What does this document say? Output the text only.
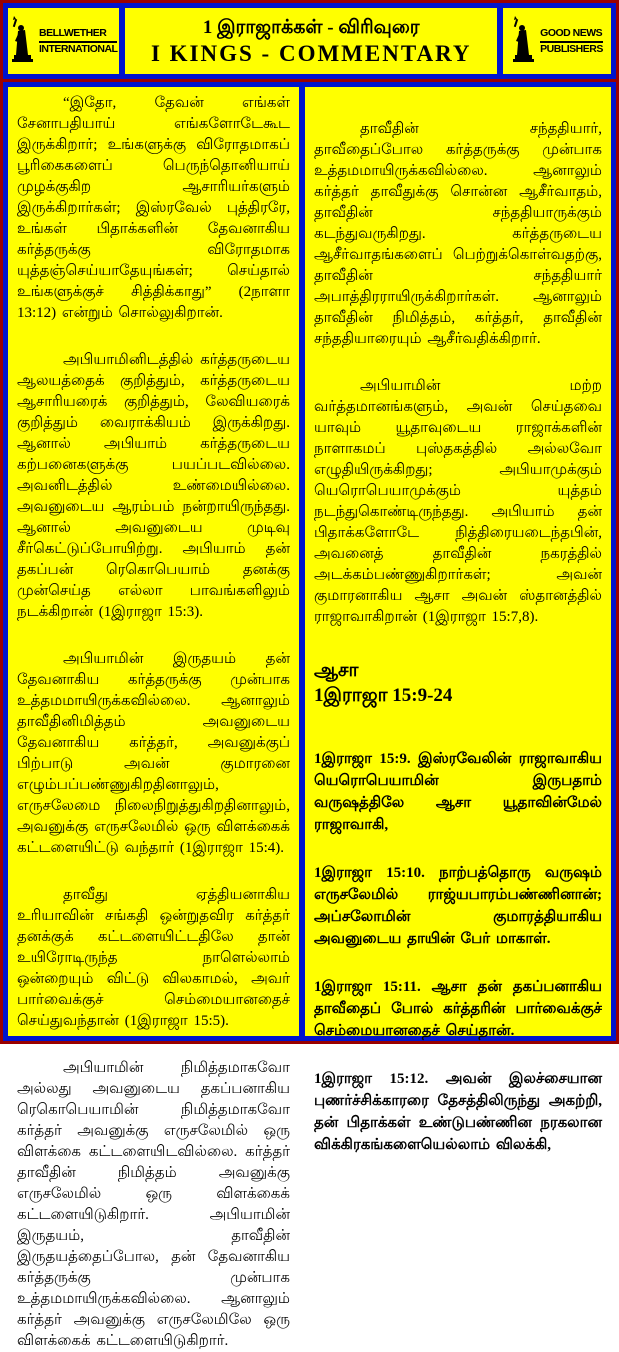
BELLWETHER
INTERNATIONAL
1 இராஜாக்கள் - விரிவுரை
I KINGS - COMMENTARY
GOOD NEWS
PUBLISHERS

“இதோ, தேவன் எங்கள் சேனாபதியாய் எங்களோடேகூட இருக்கிறார்; உங்களுக்கு விரோதமாகப் பூரிகைகளைப் பெருந்தொனியாய் முழக்குகிற ஆசாரியர்களும் இருக்கிறார்கள்; இஸ்ரவேல் புத்திரரே, உங்கள் பிதாக்களின் தேவனாகிய கர்த்தருக்கு விரோதமாக யுத்தஞ்செய்யாதேயுங்கள்; செய்தால் உங்களுக்குச் சித்திக்காது” (2நாளா 13:12) என்றும் சொல்லுகிறான்.

அபியாமினிடத்தில் கர்த்தருடைய ஆலயத்தைக் குறித்தும், கர்த்தருடைய ஆசாரியரைக் குறித்தும், லேவியரைக் குறித்தும் வைராக்கியம் இருக்கிறது. ஆனால் அபியாம் கர்த்தருடைய கற்பனைகளுக்கு பயப்படவில்லை. அவனிடத்தில் உண்மையில்லை. அவனுடைய ஆரம்பம் நன்றாயிருந்தது. ஆனால் அவனுடைய முடிவு சீர்கெட்டுப்போயிற்று. அபியாம் தன் தகப்பன் ரெகொபெயாம் தனக்கு முன்செய்த எல்லா பாவங்களிலும் நடக்கிறான் (1இராஜா 15:3).

அபியாமின் இருதயம் தன் தேவனாகிய கர்த்தருக்கு முன்பாக உத்தமமாயிருக்கவில்லை. ஆனாலும் தாவீதினிமித்தம் அவனுடைய தேவனாகிய கர்த்தர், அவனுக்குப் பிற்பாடு அவன் குமாரனை எழும்பப்பண்ணுகிறதினாலும், எருசலேமை நிலைநிறுத்துகிறதினாலும், அவனுக்கு எருசலேமில் ஒரு விளக்கைக் கட்டளையிட்டு வந்தார் (1இராஜா 15:4).

தாவீது ஏத்தியனாகிய உரியாவின் சங்கதி ஒன்றுதவிர கர்த்தர் தனக்குக் கட்டளையிட்டதிலே தான் உயிரோடிருந்த நாளெல்லாம் ஒன்றையும் விட்டு விலகாமல், அவர் பார்வைக்குச் செம்மையானதைச் செய்துவந்தான் (1இராஜா 15:5).

அபியாமின் நிமித்தமாகவோ அல்லது அவனுடைய தகப்பனாகிய ரெகொபெயாமின் நிமித்தமாகவோ கர்த்தர் அவனுக்கு எருசலேமில் ஒரு விளக்கை கட்டளையிடவில்லை. கர்த்தர் தாவீதின் நிமித்தம் அவனுக்கு எருசலேமில் ஒரு விளக்கைக் கட்டளையிடுகிறார். அபியாமின் இருதயம், தாவீதின் இருதயத்தைப்போல, தன் தேவனாகிய கர்த்தருக்கு முன்பாக உத்தமமாயிருக்கவில்லை. ஆனாலும் கர்த்தர் அவனுக்கு எருசலேமிலே ஒரு விளக்கைக் கட்டளையிடுகிறார்.

தாவீதின் சந்ததியார், தாவீதைப்போல கர்த்தருக்கு முன்பாக உத்தமமாயிருக்கவில்லை. ஆனாலும் கர்த்தர் தாவீதுக்கு சொன்ன ஆசீர்வாதம், தாவீதின் சந்ததியாருக்கும் கடந்துவருகிறது. கர்த்தருடைய ஆசீர்வாதங்களைப் பெற்றுக்கொள்வதற்கு, தாவீதின் சந்ததியார் அபாத்திரராயிருக்கிறார்கள். ஆனாலும் தாவீதின் நிமித்தம், கர்த்தர், தாவீதின் சந்ததியாரையும் ஆசீர்வதிக்கிறார்.

அபியாமின் மற்ற வர்த்தமானங்களும், அவன் செய்தவை யாவும் யூதாவுடைய ராஜாக்களின் நாளாகமப் புஸ்தகத்தில் அல்லவோ எழுதியிருக்கிறது; அபியாமுக்கும் யெரொபெயாமுக்கும் யுத்தம் நடந்துகொண்டிருந்தது. அபியாம் தன் பிதாக்களோடே நித்திரையடைந்தபின், அவனைத் தாவீதின் நகரத்தில் அடக்கம்பண்ணுகிறார்கள்; அவன் குமாரனாகிய ஆசா அவன் ஸ்தானத்தில் ராஜாவாகிறான் (1இராஜா 15:7,8).

ஆசா

1இராஜா 15:9-24

1இராஜா 15:9. இஸ்ரவேலின் ராஜாவாகிய யெரொபெயாமின் இருபதாம் வருஷத்திலே ஆசா யூதாவின்மேல் ராஜாவாகி,

1இராஜா 15:10. நாற்பத்தொரு வருஷம் எருசலேமில் ராஜ்யபாரம்பண்ணினான்; அப்சலோமின் குமாரத்தியாகிய அவனுடைய தாயின் பேர் மாகாள்.

1இராஜா 15:11. ஆசா தன் தகப்பனாகிய தாவீதைப் போல் கர்த்தரின் பார்வைக்குச் செம்மையானதைச் செய்தான்.

1இராஜா 15:12. அவன் இலச்சையான புணர்ச்சிக்காரரை தேசத்திலிருந்து அகற்றி, தன் பிதாக்கள் உண்டுபண்ணின நரகலான விக்கிரகங்களையெல்லாம் விலக்கி,
